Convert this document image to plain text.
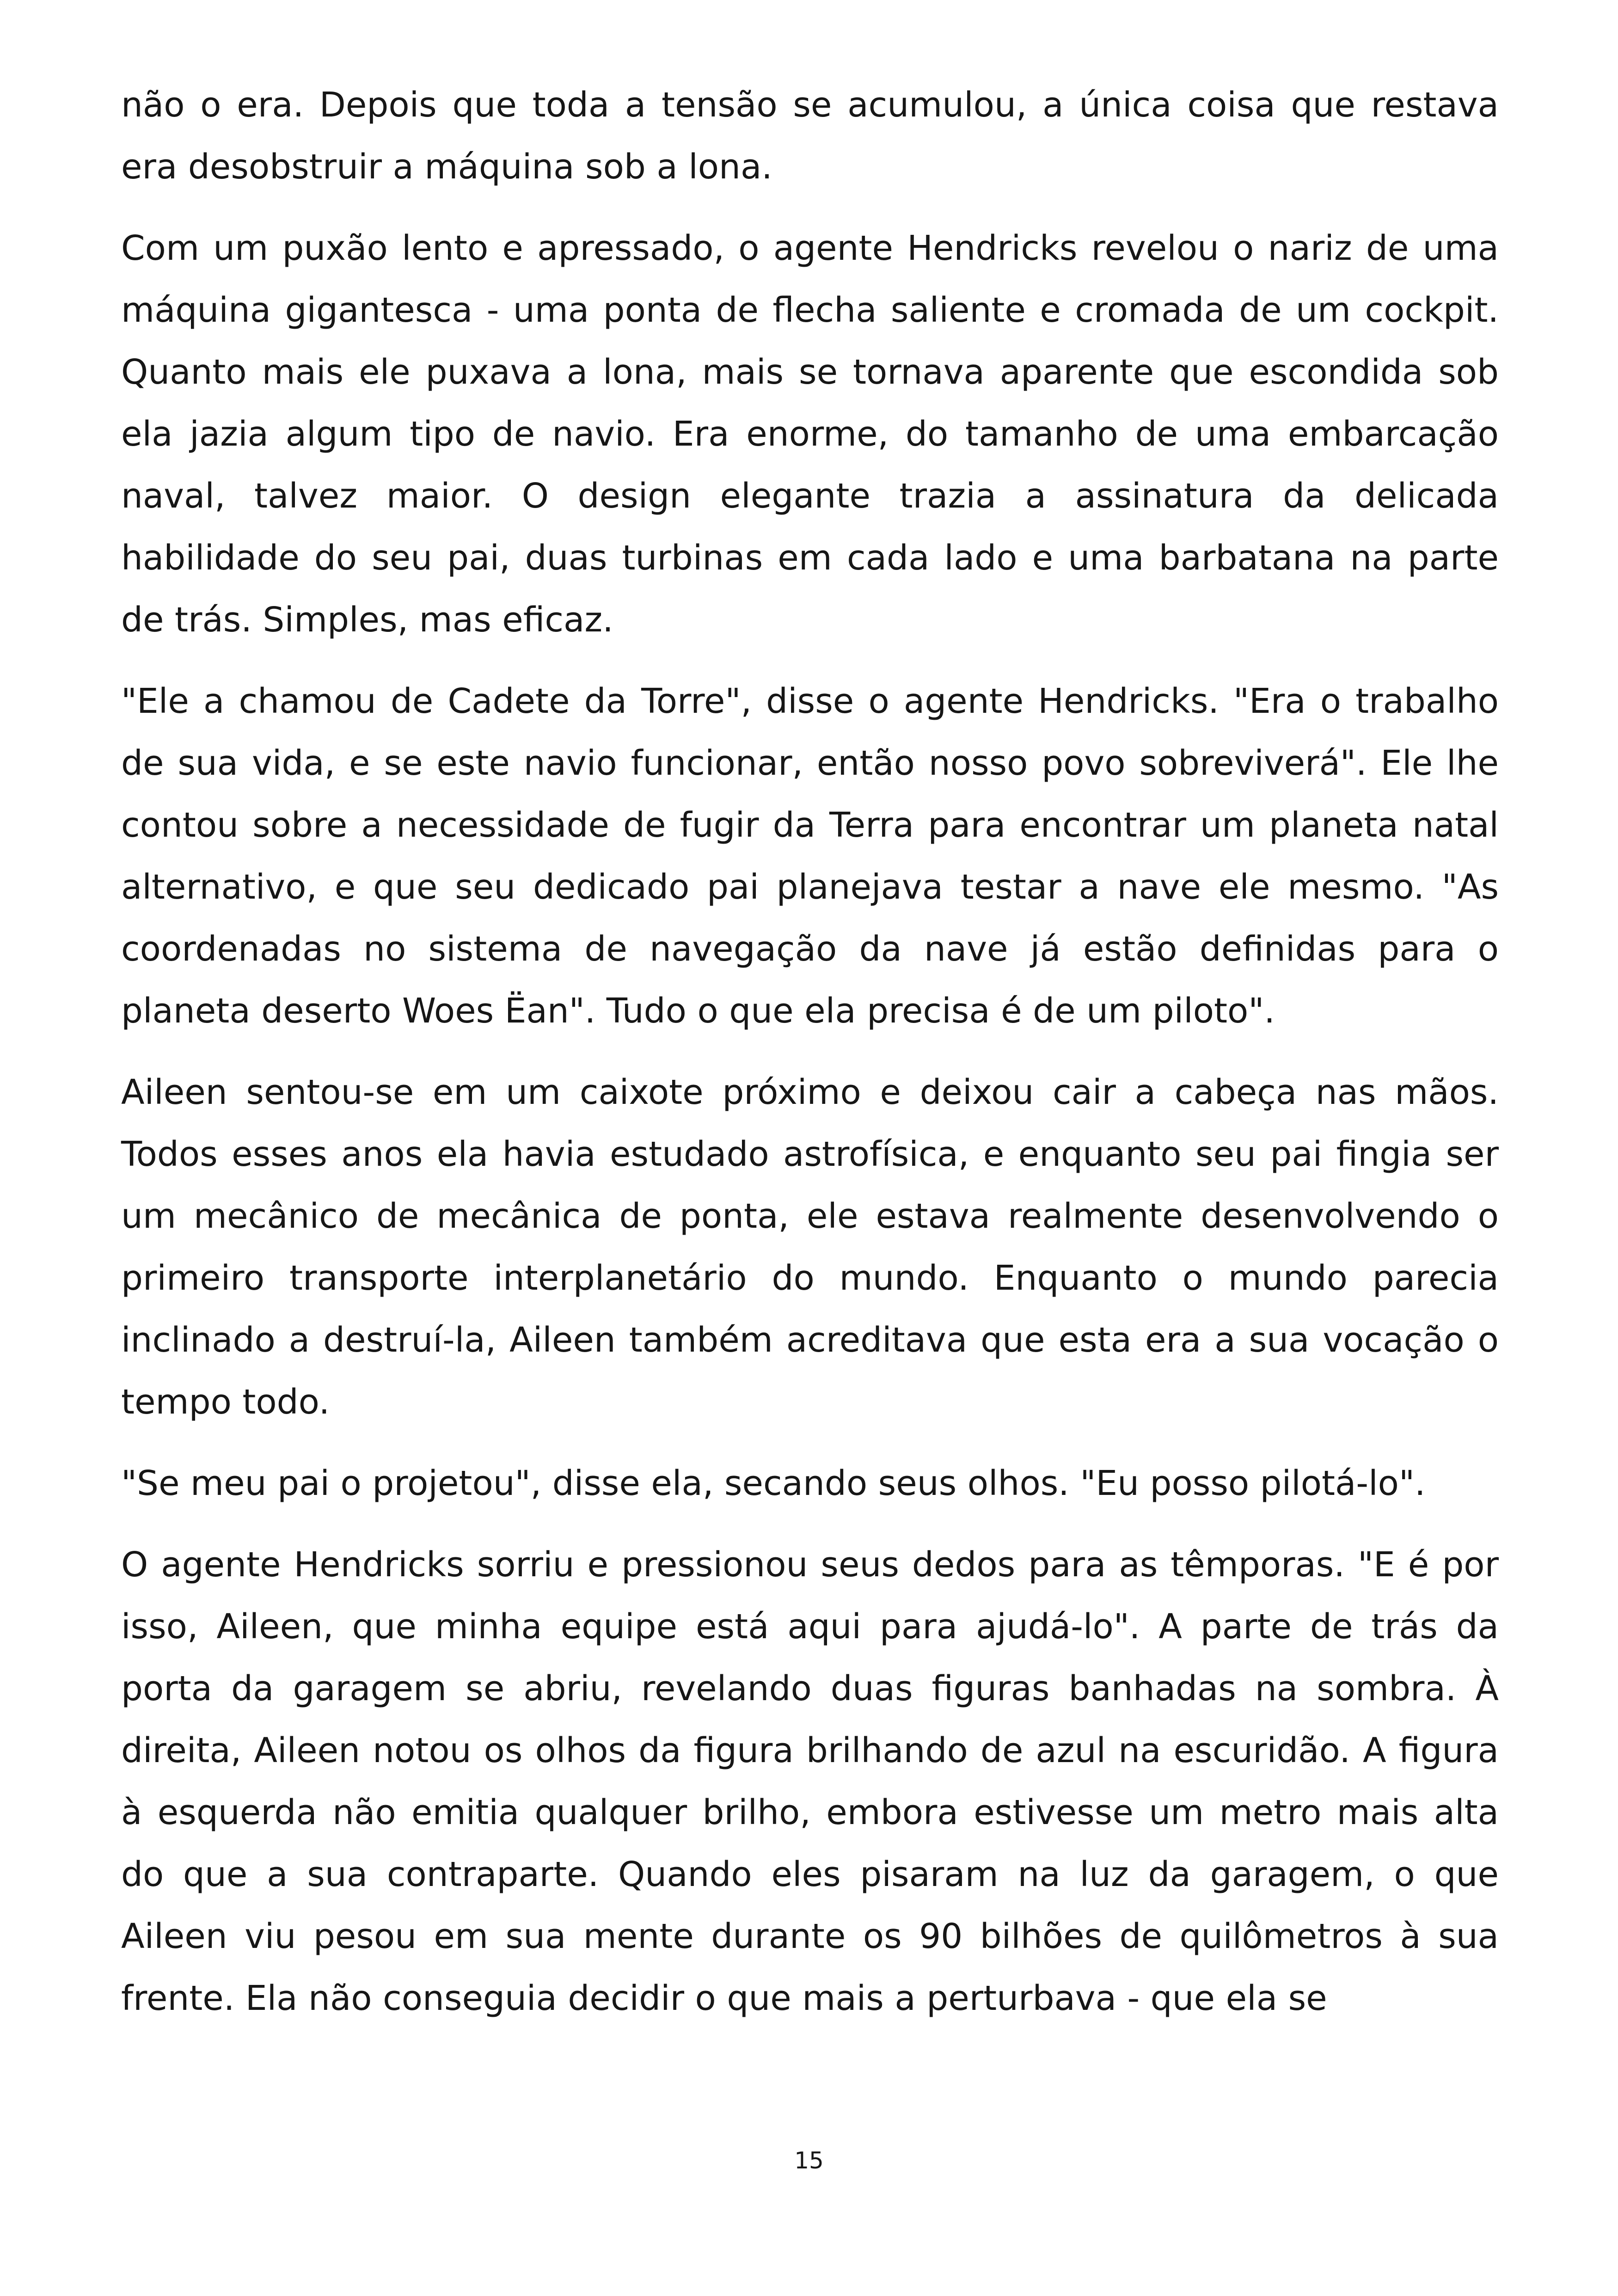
não o era. Depois que toda a tensão se acumulou, a única coisa que restava era desobstruir a máquina sob a lona.

Com um puxão lento e apressado, o agente Hendricks revelou o nariz de uma máquina gigantesca - uma ponta de flecha saliente e cromada de um cockpit. Quanto mais ele puxava a lona, mais se tornava aparente que escondida sob ela jazia algum tipo de navio. Era enorme, do tamanho de uma embarcação naval, talvez maior. O design elegante trazia a assinatura da delicada habilidade do seu pai, duas turbinas em cada lado e uma barbatana na parte de trás. Simples, mas eficaz.

"Ele a chamou de Cadete da Torre", disse o agente Hendricks. "Era o trabalho de sua vida, e se este navio funcionar, então nosso povo sobreviverá". Ele lhe contou sobre a necessidade de fugir da Terra para encontrar um planeta natal alternativo, e que seu dedicado pai planejava testar a nave ele mesmo. "As coordenadas no sistema de navegação da nave já estão definidas para o planeta deserto Woes Ëan". Tudo o que ela precisa é de um piloto".

Aileen sentou-se em um caixote próximo e deixou cair a cabeça nas mãos. Todos esses anos ela havia estudado astrofísica, e enquanto seu pai fingia ser um mecânico de mecânica de ponta, ele estava realmente desenvolvendo o primeiro transporte interplanetário do mundo. Enquanto o mundo parecia inclinado a destruí-la, Aileen também acreditava que esta era a sua vocação o tempo todo.

"Se meu pai o projetou", disse ela, secando seus olhos. "Eu posso pilotá-lo".

O agente Hendricks sorriu e pressionou seus dedos para as têmporas. "E é por isso, Aileen, que minha equipe está aqui para ajudá-lo". A parte de trás da porta da garagem se abriu, revelando duas figuras banhadas na sombra. À direita, Aileen notou os olhos da figura brilhando de azul na escuridão. A figura à esquerda não emitia qualquer brilho, embora estivesse um metro mais alta do que a sua contraparte. Quando eles pisaram na luz da garagem, o que Aileen viu pesou em sua mente durante os 90 bilhões de quilômetros à sua frente. Ela não conseguia decidir o que mais a perturbava - que ela se

15
